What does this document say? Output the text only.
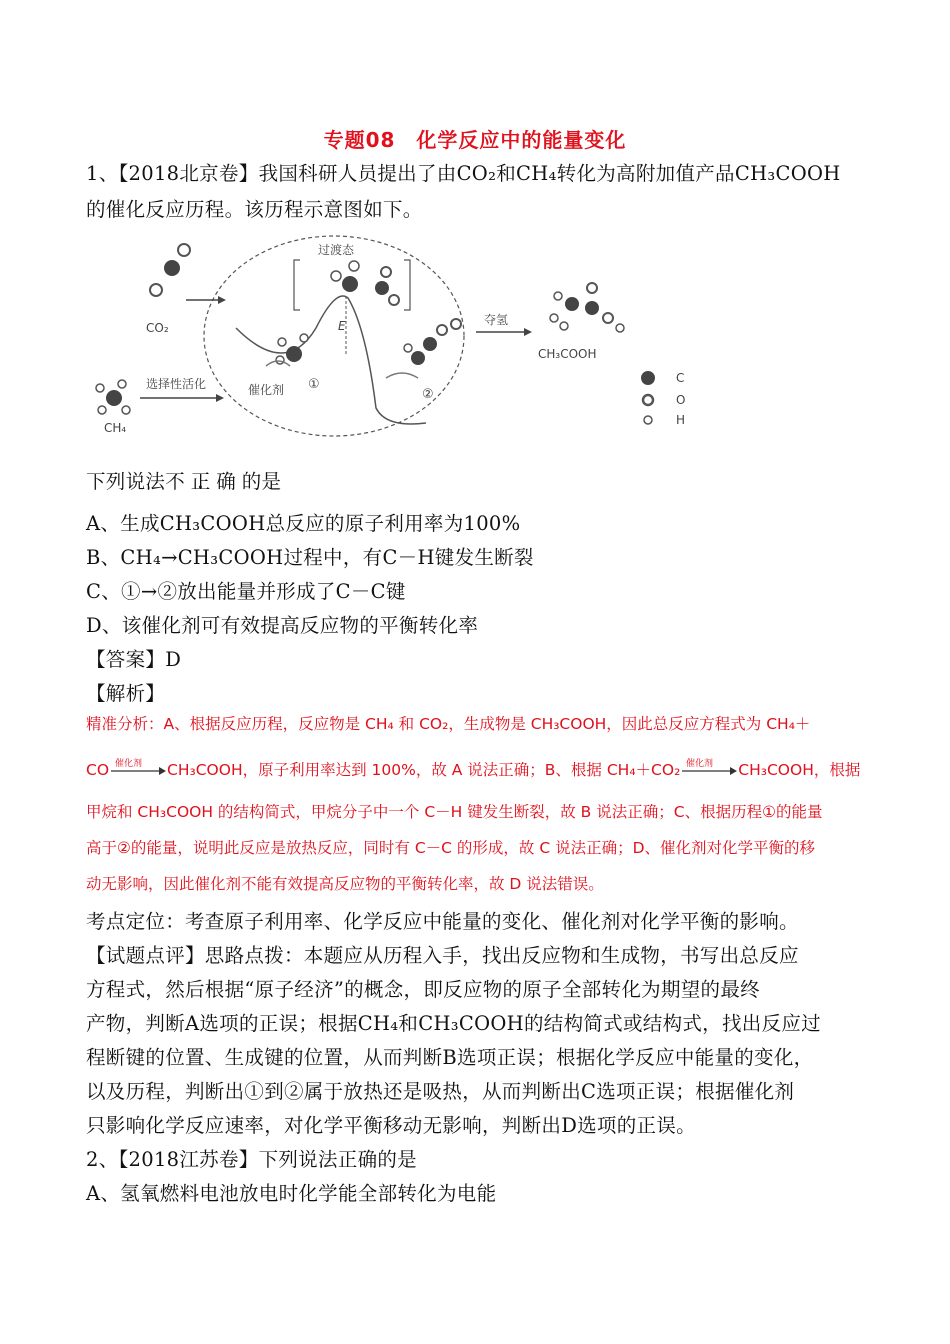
专题08　化学反应中的能量变化
1、【2018北京卷】我国科研人员提出了由CO₂和CH₄转化为高附加值产品CH₃COOH
的催化反应历程。该历程示意图如下。
CO₂
CH₄
选择性活化
E
过渡态
催化剂 ①
②
夺氢
CH₃COOH
C
O
H
下列说法不正确的是
A、生成CH₃COOH总反应的原子利用率为100%
B、CH₄→CH₃COOH过程中，有C－H键发生断裂
C、①→②放出能量并形成了C－C键
D、该催化剂可有效提高反应物的平衡转化率
【答案】D
【解析】
精准分析：A、根据反应历程，反应物是 CH₄ 和 CO₂，生成物是 CH₃COOH，因此总反应方程式为 CH₄＋
CO 催化剂 CH₃COOH，原子利用率达到 100%，故 A 说法正确；B、根据 CH₄＋CO₂ 催化剂 CH₃COOH，根据
甲烷和 CH₃COOH 的结构简式，甲烷分子中一个 C－H 键发生断裂，故 B 说法正确；C、根据历程①的能量
高于②的能量，说明此反应是放热反应，同时有 C－C 的形成，故 C 说法正确；D、催化剂对化学平衡的移
动无影响，因此催化剂不能有效提高反应物的平衡转化率，故 D 说法错误。
考点定位：考查原子利用率、化学反应中能量的变化、催化剂对化学平衡的影响。
【试题点评】思路点拨：本题应从历程入手，找出反应物和生成物，书写出总反应
方程式，然后根据“原子经济”的概念，即反应物的原子全部转化为期望的最终
产物，判断A选项的正误；根据CH₄和CH₃COOH的结构简式或结构式，找出反应过
程断键的位置、生成键的位置，从而判断B选项正误；根据化学反应中能量的变化，
以及历程，判断出①到②属于放热还是吸热，从而判断出C选项正误；根据催化剂
只影响化学反应速率，对化学平衡移动无影响，判断出D选项的正误。
2、【2018江苏卷】下列说法正确的是
A、氢氧燃料电池放电时化学能全部转化为电能
